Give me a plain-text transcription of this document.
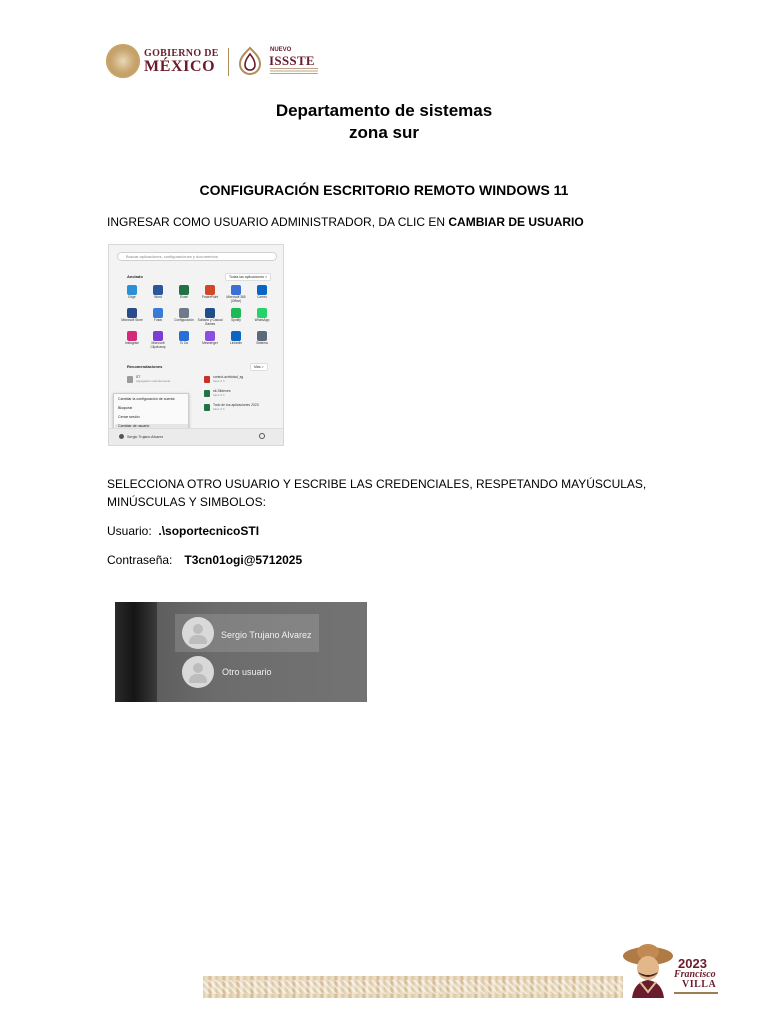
GOBIERNO DE
MÉXICO
NUEVO
ISSSTE
Departamento de sistemas
zona sur
CONFIGURACIÓN ESCRITORIO REMOTO WINDOWS 11
INGRESAR COMO USUARIO ADMINISTRADOR, DA CLIC EN CAMBIAR DE USUARIO
Buscar aplicaciones, configuraciones y documentos
Anclado	Todas las aplicaciones >
Edge	Word	Excel	PowerPoint	Microsoft 365 (Office)
Correo
Microsoft Store	Fotos	Configuración	Solitario y Casual Games
Spotify	WhatsApp
Instagram	Microsoft Clipchamp
To Do	Messenger	LinkedIn	Sistema
Recomendaciones	Más >
ST
Agregados recientemente
control-actividad_sg
hace 2 h
sit-Slidenes
hace 3 h
Todo de tus aplicaciones 2023
hace 4 h
Cambiar la configuración de cuenta
Bloquear
Cerrar sesión
Cambiar de usuario
Sergio Trujano Alvarez
SELECCIONA OTRO USUARIO Y ESCRIBE LAS CREDENCIALES, RESPETANDO MAYÚSCULAS,
MINÚSCULAS Y SIMBOLOS:
Usuario: .\soportecnicoSTI
Contraseña: T3cn01ogi@5712025
Sergio Trujano Alvarez
Otro usuario
2023
Francisco
VILLA
